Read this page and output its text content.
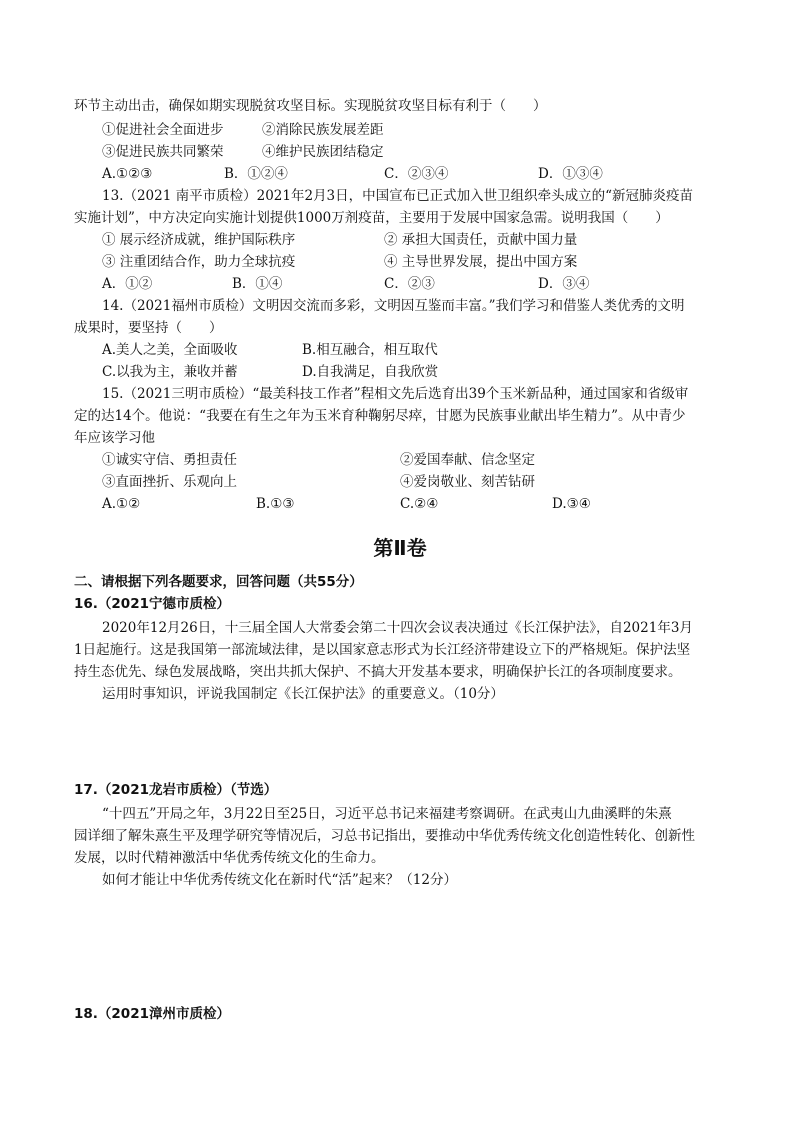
环节主动出击，确保如期实现脱贫攻坚目标。实现脱贫攻坚目标有利于（　　）
①促进社会全面进步	②消除民族发展差距
③促进民族共同繁荣	④维护民族团结稳定
A.①②③	B．①②④	C．②③④	D．①③④
13.（2021 南平市质检）2021年2月3日，中国宣布已正式加入世卫组织牵头成立的“新冠肺炎疫苗
实施计划”，中方决定向实施计划提供1000万剂疫苗，主要用于发展中国家急需。说明我国（　　）
① 展示经济成就，维护国际秩序	② 承担大国责任，贡献中国力量
③ 注重团结合作，助力全球抗疫	④ 主导世界发展，提出中国方案
A．①②	B．①④	C．②③	D．③④
14.（2021福州市质检）文明因交流而多彩，文明因互鉴而丰富。”我们学习和借鉴人类优秀的文明
成果时，要坚持（　　）
A.美人之美，全面吸收	B.相互融合，相互取代
C.以我为主，兼收并蓄	D.自我满足，自我欣赏
15.（2021三明市质检）“最美科技工作者”程相文先后选育出39个玉米新品种，通过国家和省级审
定的达14个。他说：“我要在有生之年为玉米育种鞠躬尽瘁，甘愿为民族事业献出毕生精力”。从中青少
年应该学习他
①诚实守信、勇担责任	②爱国奉献、信念坚定
③直面挫折、乐观向上	④爱岗敬业、刻苦钻研
A.①②	B.①③	C.②④	D.③④
第Ⅱ卷
二、请根据下列各题要求，回答问题（共55分）
16.（2021宁德市质检）
2020年12月26日，十三届全国人大常委会第二十四次会议表决通过《长江保护法》，自2021年3月
1日起施行。这是我国第一部流域法律，是以国家意志形式为长江经济带建设立下的严格规矩。保护法坚
持生态优先、绿色发展战略，突出共抓大保护、不搞大开发基本要求，明确保护长江的各项制度要求。
运用时事知识，评说我国制定《长江保护法》的重要意义。（10分）
17.（2021龙岩市质检）（节选）
“十四五”开局之年，3月22日至25日，习近平总书记来福建考察调研。在武夷山九曲溪畔的朱熹
园详细了解朱熹生平及理学研究等情况后，习总书记指出，要推动中华优秀传统文化创造性转化、创新性
发展，以时代精神激活中华优秀传统文化的生命力。
如何才能让中华优秀传统文化在新时代“活”起来？（12分）
18.（2021漳州市质检）
